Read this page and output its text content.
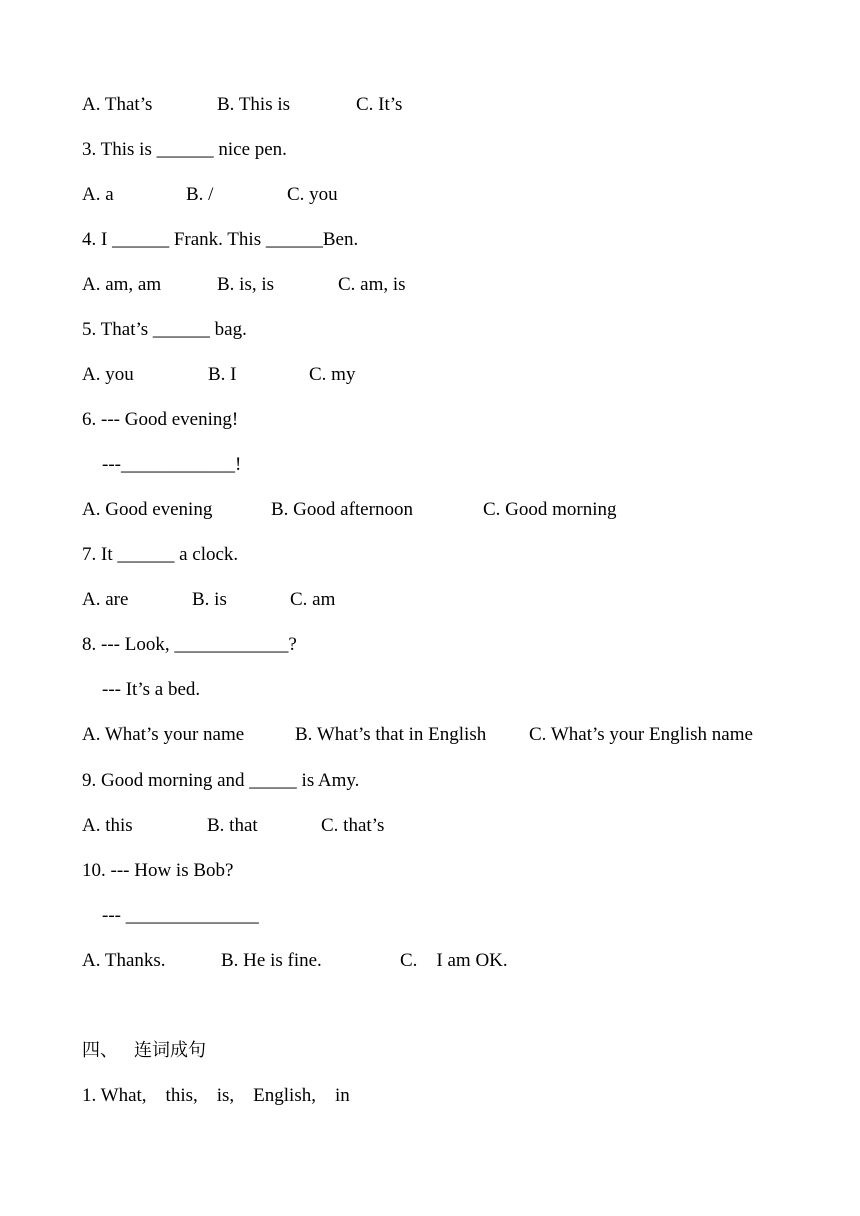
A. That’s

	B. This is

	C. It’s

3. This is ______ nice pen.

A. a

	B. /

	C. you

4. I ______ Frank. This ______Ben.

A. am, am

	B. is, is

	C. am, is

5. That’s ______ bag.

A. you

	B. I

	C. my

6. --- Good evening!

---____________!

A. Good evening

	B. Good afternoon

	C. Good morning

7. It ______ a clock.

A. are

	B. is

	C. am

8. --- Look, ____________?

--- It’s a bed.

A. What’s your name

	B. What’s that in English

C. What’s your English name

9. Good morning and _____ is Amy.

A. this

	B. that

	C. that’s

10. --- How is Bob?

--- ______________

A. Thanks.

	B. He is fine.

	C.    I am OK.

四、

连词成句

1. What,    this,    is,    English,    in
